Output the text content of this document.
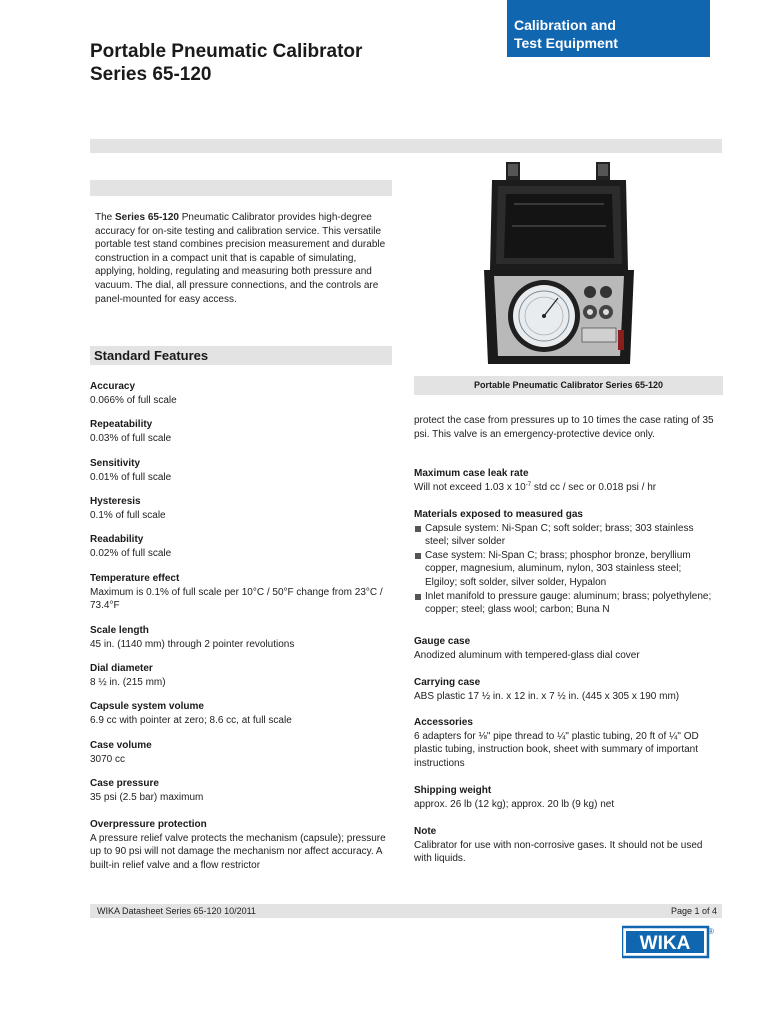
Calibration and
Test Equipment
Portable Pneumatic Calibrator
Series 65-120
The Series 65-120 Pneumatic Calibrator provides high-degree accuracy for on-site testing and calibration service. This versatile portable test stand combines precision measurement and durable construction in a compact unit that is capable of simulating, applying, holding, regulating and measuring both pressure and vacuum. The dial, all pressure connections, and the controls are panel-mounted for easy access.
Standard Features
Accuracy
0.066% of full scale
Repeatability
0.03% of full scale
Sensitivity
0.01% of full scale
Hysteresis
0.1% of full scale
Readability
0.02% of full scale
Temperature effect
Maximum is 0.1% of full scale per 10°C / 50°F change from 23°C / 73.4°F
Scale length
45 in. (1140 mm) through 2 pointer revolutions
Dial diameter
8 ½ in. (215 mm)
Capsule system volume
6.9 cc with pointer at zero; 8.6 cc, at full scale
Case volume
3070 cc
Case pressure
35 psi (2.5 bar) maximum
Overpressure protection
A pressure relief valve protects the mechanism (capsule); pressure up to 90 psi will not damage the mechanism nor affect accuracy. A built-in relief valve and a flow restrictor
Portable Pneumatic Calibrator Series 65-120
protect the case from pressures up to 10 times the case rating of 35 psi. This valve is an emergency-protective device only.
Maximum case leak rate
Will not exceed 1.03 x $10^{-7}$ std cc / sec or 0.018 psi / hr
Materials exposed to measured gas
Capsule system: Ni-Span C; soft solder; brass; 303 stainless steel; silver solder
Case system: Ni-Span C; brass; phosphor bronze, beryllium copper, magnesium, aluminum, nylon, 303 stainless steel; Elgiloy; soft solder, silver solder, Hypalon
Inlet manifold to pressure gauge: aluminum; brass; polyethylene; copper; steel; glass wool; carbon; Buna N
Gauge case
Anodized aluminum with tempered-glass dial cover
Carrying case
ABS plastic 17 ½ in. x 12 in. x 7 ½ in. (445 x 305 x 190 mm)
Accessories
6 adapters for ⅛" pipe thread to ¼" plastic tubing, 20 ft of ¼" OD plastic tubing, instruction book, sheet with summary of important instructions
Shipping weight
approx. 26 lb (12 kg); approx. 20 lb (9 kg) net
Note
Calibrator for use with non-corrosive gases. It should not be used with liquids.
WIKA Datasheet Series 65-120 10/2011	Page 1 of 4
WIKA
®
